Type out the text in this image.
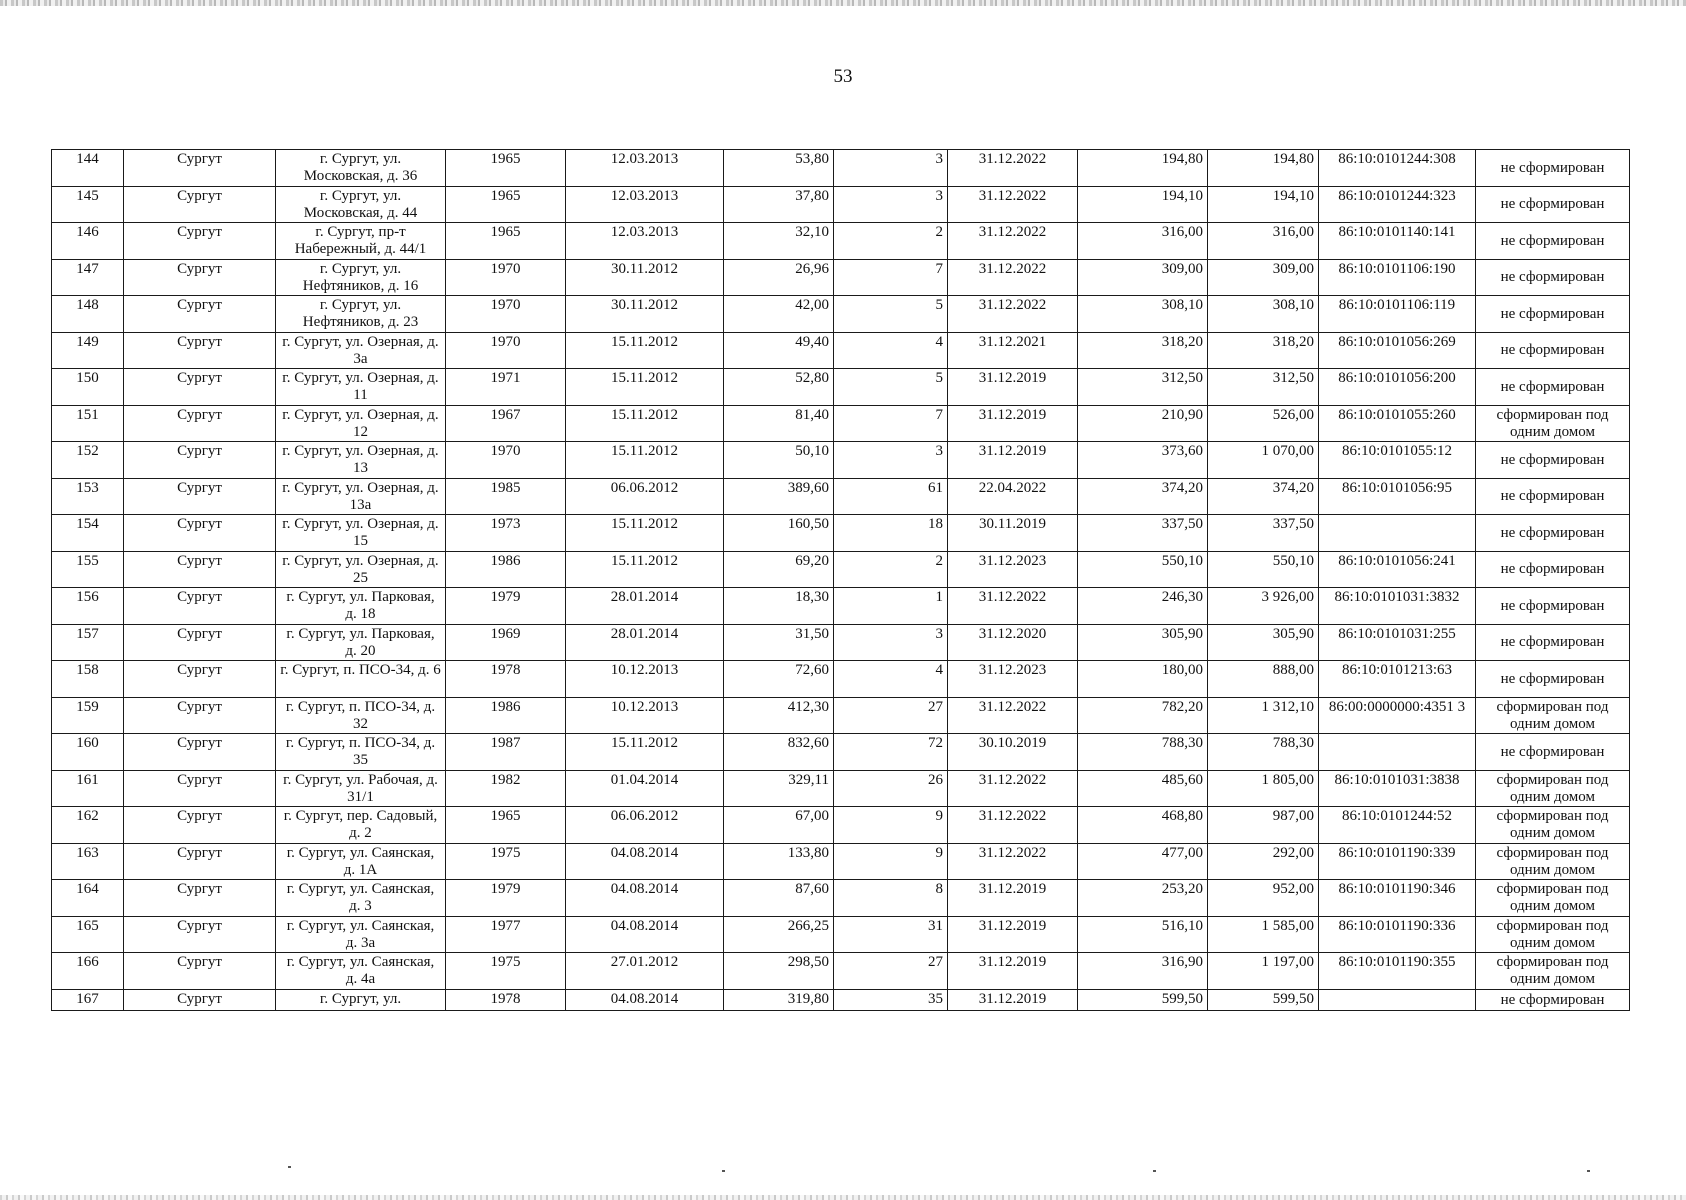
53
144	Сургут	г. Сургут, ул. Московская, д. 36	1965	12.03.2013	53,80	3	31.12.2022	194,80	194,80	86:10:0101244:308	не сформирован
145	Сургут	г. Сургут, ул. Московская, д. 44	1965	12.03.2013	37,80	3	31.12.2022	194,10	194,10	86:10:0101244:323	не сформирован
146	Сургут	г. Сургут, пр-т Набережный, д. 44/1	1965	12.03.2013	32,10	2	31.12.2022	316,00	316,00	86:10:0101140:141	не сформирован
147	Сургут	г. Сургут, ул. Нефтяников, д. 16	1970	30.11.2012	26,96	7	31.12.2022	309,00	309,00	86:10:0101106:190	не сформирован
148	Сургут	г. Сургут, ул. Нефтяников, д. 23	1970	30.11.2012	42,00	5	31.12.2022	308,10	308,10	86:10:0101106:119	не сформирован
149	Сургут	г. Сургут, ул. Озерная, д. 3а	1970	15.11.2012	49,40	4	31.12.2021	318,20	318,20	86:10:0101056:269	не сформирован
150	Сургут	г. Сургут, ул. Озерная, д. 11	1971	15.11.2012	52,80	5	31.12.2019	312,50	312,50	86:10:0101056:200	не сформирован
151	Сургут	г. Сургут, ул. Озерная, д. 12	1967	15.11.2012	81,40	7	31.12.2019	210,90	526,00	86:10:0101055:260	сформирован под одним домом
152	Сургут	г. Сургут, ул. Озерная, д. 13	1970	15.11.2012	50,10	3	31.12.2019	373,60	1 070,00	86:10:0101055:12	не сформирован
153	Сургут	г. Сургут, ул. Озерная, д. 13а	1985	06.06.2012	389,60	61	22.04.2022	374,20	374,20	86:10:0101056:95	не сформирован
154	Сургут	г. Сургут, ул. Озерная, д. 15	1973	15.11.2012	160,50	18	30.11.2019	337,50	337,50		не сформирован
155	Сургут	г. Сургут, ул. Озерная, д. 25	1986	15.11.2012	69,20	2	31.12.2023	550,10	550,10	86:10:0101056:241	не сформирован
156	Сургут	г. Сургут, ул. Парковая, д. 18	1979	28.01.2014	18,30	1	31.12.2022	246,30	3 926,00	86:10:0101031:3832	не сформирован
157	Сургут	г. Сургут, ул. Парковая, д. 20	1969	28.01.2014	31,50	3	31.12.2020	305,90	305,90	86:10:0101031:255	не сформирован
158	Сургут	г. Сургут, п. ПСО-34, д. 6	1978	10.12.2013	72,60	4	31.12.2023	180,00	888,00	86:10:0101213:63	не сформирован
159	Сургут	г. Сургут, п. ПСО-34, д. 32	1986	10.12.2013	412,30	27	31.12.2022	782,20	1 312,10	86:00:0000000:4351 3	сформирован под одним домом
160	Сургут	г. Сургут, п. ПСО-34, д. 35	1987	15.11.2012	832,60	72	30.10.2019	788,30	788,30		не сформирован
161	Сургут	г. Сургут, ул. Рабочая, д. 31/1	1982	01.04.2014	329,11	26	31.12.2022	485,60	1 805,00	86:10:0101031:3838	сформирован под одним домом
162	Сургут	г. Сургут, пер. Садовый, д. 2	1965	06.06.2012	67,00	9	31.12.2022	468,80	987,00	86:10:0101244:52	сформирован под одним домом
163	Сургут	г. Сургут, ул. Саянская, д. 1А	1975	04.08.2014	133,80	9	31.12.2022	477,00	292,00	86:10:0101190:339	сформирован под одним домом
164	Сургут	г. Сургут, ул. Саянская, д. 3	1979	04.08.2014	87,60	8	31.12.2019	253,20	952,00	86:10:0101190:346	сформирован под одним домом
165	Сургут	г. Сургут, ул. Саянская, д. 3а	1977	04.08.2014	266,25	31	31.12.2019	516,10	1 585,00	86:10:0101190:336	сформирован под одним домом
166	Сургут	г. Сургут, ул. Саянская, д. 4а	1975	27.01.2012	298,50	27	31.12.2019	316,90	1 197,00	86:10:0101190:355	сформирован под одним домом
167	Сургут	г. Сургут, ул.	1978	04.08.2014	319,80	35	31.12.2019	599,50	599,50		не сформирован
